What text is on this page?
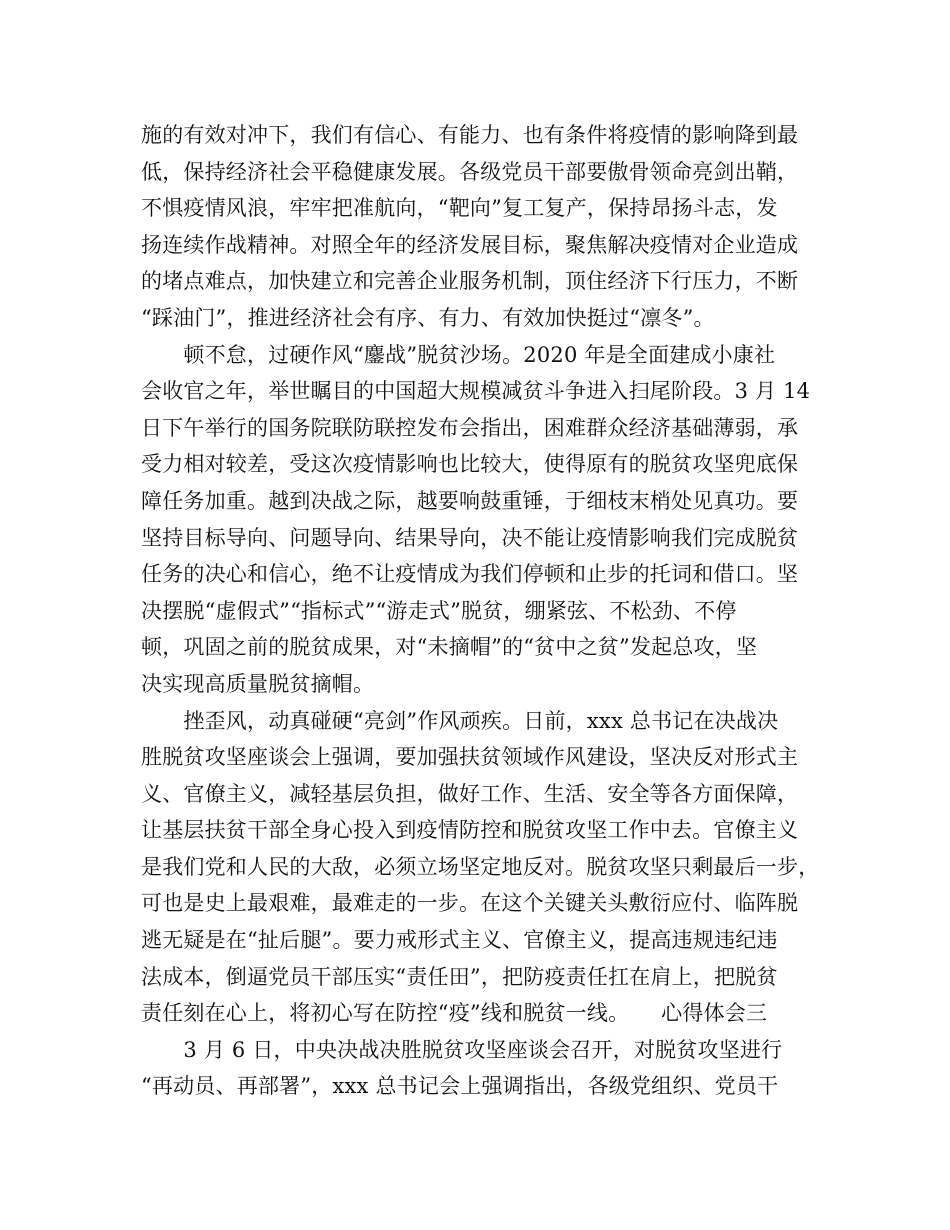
施的有效对冲下，我们有信心、有能力、也有条件将疫情的影响降到最
低，保持经济社会平稳健康发展。各级党员干部要傲骨领命亮剑出鞘，
不惧疫情风浪，牢牢把准航向，“靶向”复工复产，保持昂扬斗志，发
扬连续作战精神。对照全年的经济发展目标，聚焦解决疫情对企业造成
的堵点难点，加快建立和完善企业服务机制，顶住经济下行压力，不断
“踩油门”，推进经济社会有序、有力、有效加快挺过“凛冬”。
　　顿不怠，过硬作风“鏖战”脱贫沙场。2020 年是全面建成小康社
会收官之年，举世瞩目的中国超大规模减贫斗争进入扫尾阶段。3 月 14
日下午举行的国务院联防联控发布会指出，困难群众经济基础薄弱，承
受力相对较差，受这次疫情影响也比较大，使得原有的脱贫攻坚兜底保
障任务加重。越到决战之际，越要响鼓重锤，于细枝末梢处见真功。要
坚持目标导向、问题导向、结果导向，决不能让疫情影响我们完成脱贫
任务的决心和信心，绝不让疫情成为我们停顿和止步的托词和借口。坚
决摆脱“虚假式”“指标式”“游走式”脱贫，绷紧弦、不松劲、不停
顿，巩固之前的脱贫成果，对“未摘帽”的“贫中之贫”发起总攻，坚
决实现高质量脱贫摘帽。
　　挫歪风，动真碰硬“亮剑”作风顽疾。日前，xxx 总书记在决战决
胜脱贫攻坚座谈会上强调，要加强扶贫领域作风建设，坚决反对形式主
义、官僚主义，减轻基层负担，做好工作、生活、安全等各方面保障，
让基层扶贫干部全身心投入到疫情防控和脱贫攻坚工作中去。官僚主义
是我们党和人民的大敌，必须立场坚定地反对。脱贫攻坚只剩最后一步，
可也是史上最艰难，最难走的一步。在这个关键关头敷衍应付、临阵脱
逃无疑是在“扯后腿”。要力戒形式主义、官僚主义，提高违规违纪违
法成本，倒逼党员干部压实“责任田”，把防疫责任扛在肩上，把脱贫
责任刻在心上，将初心写在防控“疫”线和脱贫一线。　　心得体会三
　　3 月 6 日，中央决战决胜脱贫攻坚座谈会召开，对脱贫攻坚进行
“再动员、再部署”，xxx 总书记会上强调指出，各级党组织、党员干
